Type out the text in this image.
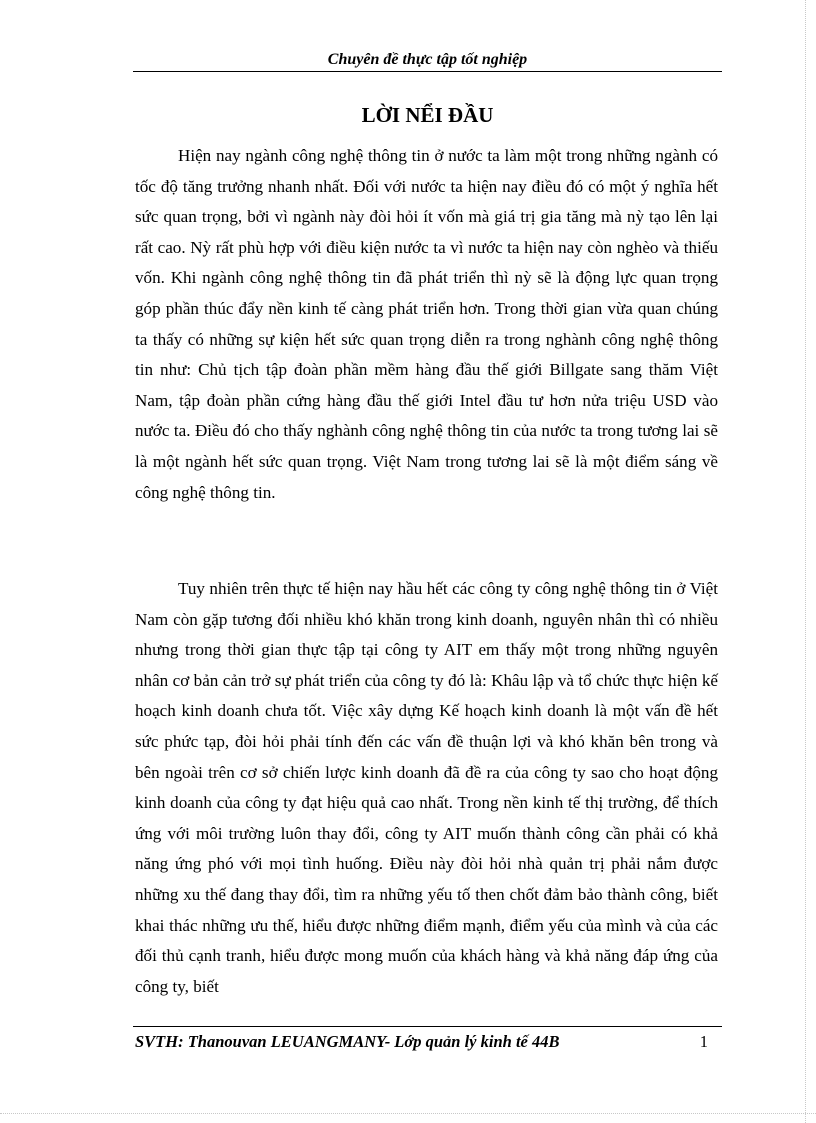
Chuyên đề thực tập tốt nghiệp
LỜI NỂI ĐẦU

Hiện nay ngành công nghệ thông tin ở nước ta làm một trong những ngành có tốc độ tăng trưởng nhanh nhất. Đối với nước ta hiện nay điều đó có một ý nghĩa hết sức quan trọng, bởi vì ngành này đòi hỏi ít vốn mà giá trị gia tăng mà nỳ tạo lên lại rất cao. Nỳ rất phù hợp với điều kiện nước ta vì nước ta hiện nay còn nghèo và thiếu vốn. Khi ngành công nghệ thông tin đã phát triển thì nỳ sẽ là động lực quan trọng góp phần thúc đẩy nền kinh tế càng phát triển hơn. Trong thời gian vừa quan chúng ta thấy có những sự kiện hết sức quan trọng diễn ra trong nghành công nghệ thông tin như: Chủ tịch tập đoàn phần mềm hàng đầu thế giới Billgate sang thăm Việt Nam, tập đoàn phần cứng hàng đầu thế giới Intel đầu tư hơn nửa triệu USD vào nước ta. Điều đó cho thấy nghành công nghệ thông tin của nước ta trong tương lai sẽ là một ngành hết sức quan trọng. Việt Nam trong tương lai sẽ là một điểm sáng về công nghệ thông tin.

Tuy nhiên trên thực tế hiện nay hầu hết các công ty công nghệ thông tin ở Việt Nam còn gặp tương đối nhiều khó khăn trong kinh doanh, nguyên nhân thì có nhiều nhưng trong thời gian thực tập tại công ty AIT em thấy một trong những nguyên nhân cơ bản cản trở sự phát triển của công ty đó là: Khâu lập và tổ chức thực hiện kế hoạch kinh doanh chưa tốt. Việc xây dựng Kế hoạch kinh doanh là một vấn đề hết sức phức tạp, đòi hỏi phải tính đến các vấn đề thuận lợi và khó khăn bên trong và bên ngoài trên cơ sở chiến lược kinh doanh đã đề ra của công ty sao cho hoạt động kinh doanh của công ty đạt hiệu quả cao nhất. Trong nền kinh tế thị trường, để thích ứng với môi trường luôn thay đổi, công ty AIT muốn thành công cần phải có khả năng ứng phó với mọi tình huống. Điều này đòi hỏi nhà quản trị phải nắm được những xu thế đang thay đổi, tìm ra những yếu tố then chốt đảm bảo thành công, biết khai thác những ưu thế, hiểu được những điểm mạnh, điểm yếu của mình và của các đối thủ cạnh tranh, hiểu được mong muốn của khách hàng và khả năng đáp ứng của công ty, biết

SVTH: Thanouvan LEUANGMANY- Lớp quản lý kinh tế 44B	1
